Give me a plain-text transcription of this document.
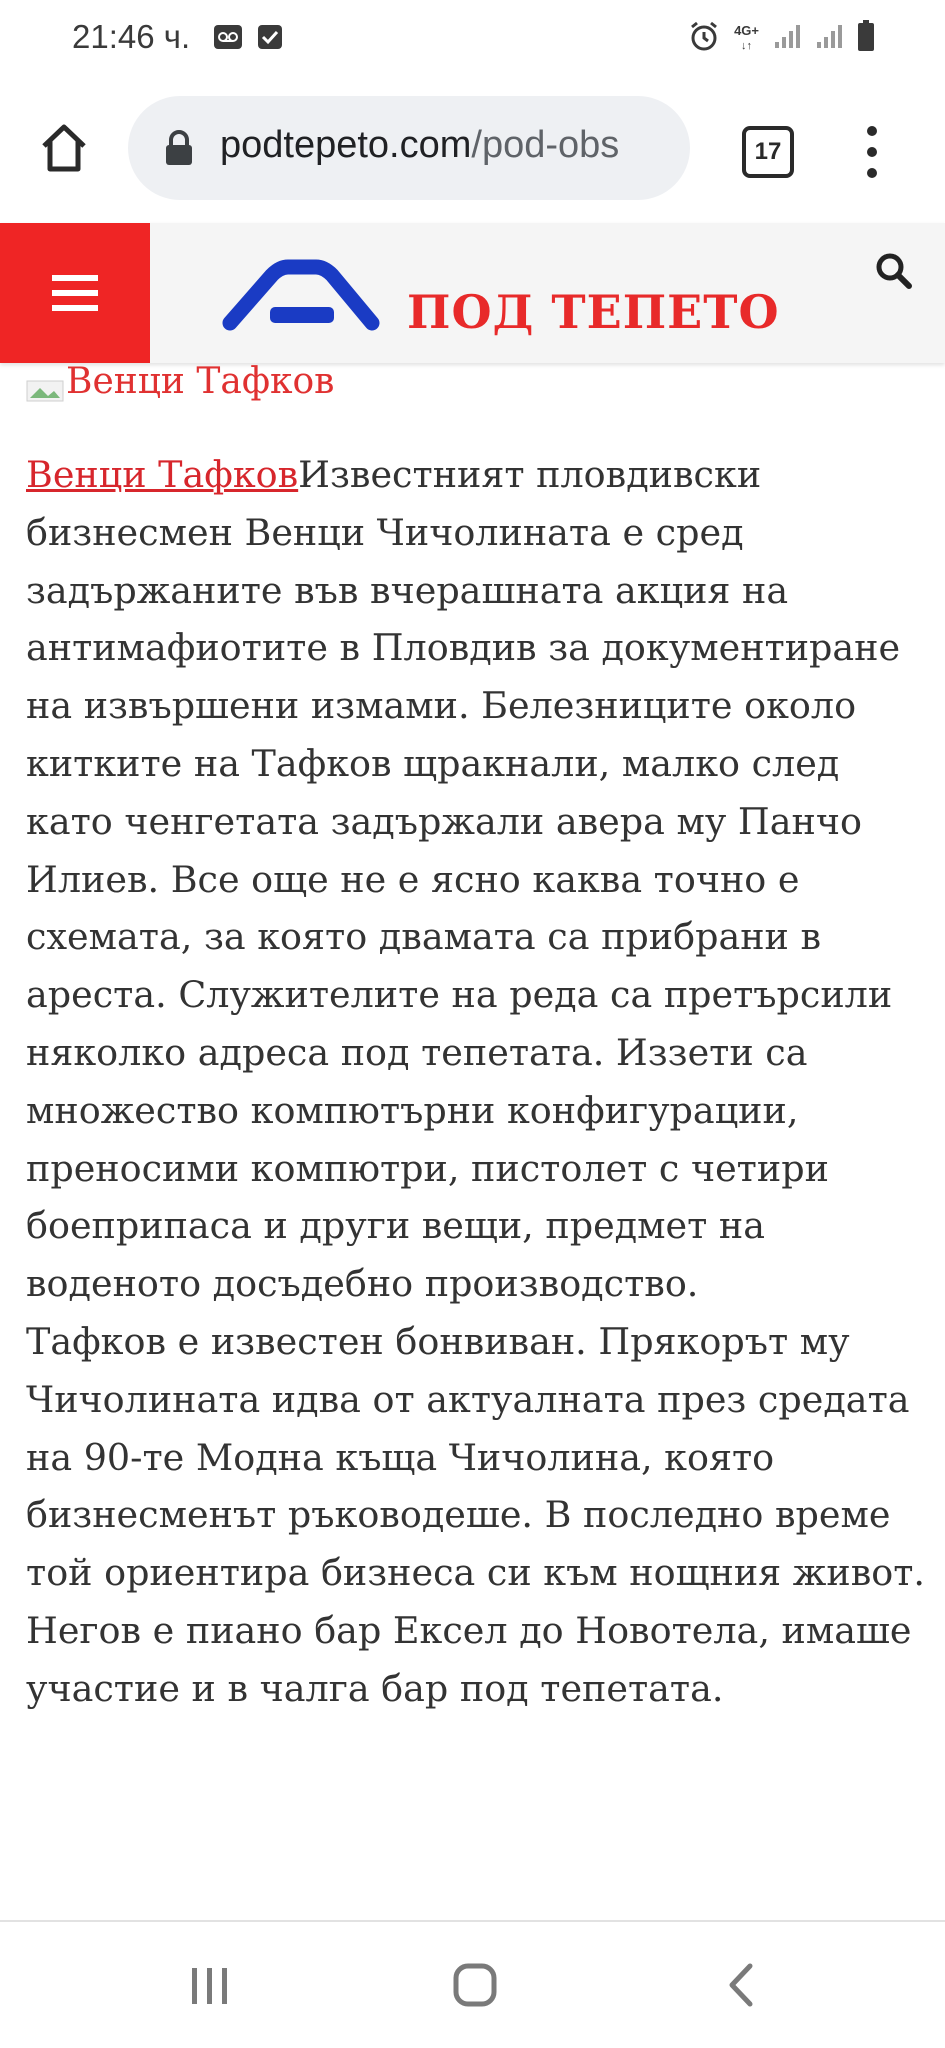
21:46 ч.	4G+
↓↑
podtepeto.com/pod-obs	17
ПОД ТЕПЕТО
Венци Тафков

Венци ТафковИзвестният пловдивски бизнесмен Венци Чичолината е сред задържаните във вчерашната акция на антимафиотите в Пловдив за документиране на извършени измами. Белезниците около китките на Тафков щракнали, малко след като ченгетата задържали авера му Панчо Илиев. Все още не е ясно каква точно е схемата, за която двамата са прибрани в ареста. Служителите на реда са претърсили няколко адреса под тепетата. Иззети са множество компютърни конфигурации, преносими компютри, пистолет с четири боеприпаса и други вещи, предмет на воденото досъдебно производство.

Тафков е известен бонвиван. Прякорът му Чичолината идва от актуалната през средата на 90-те Модна къща Чичолина, която бизнесменът ръководеше. В последно време той ориентира бизнеса си към нощния живот. Негов е пиано бар Ексел до Новотела, имаше участие и в чалга бар под тепетата.
